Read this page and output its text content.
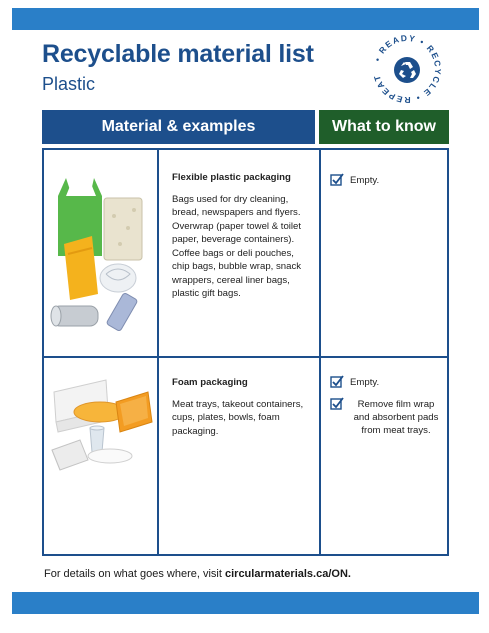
Recyclable material list
Plastic
• READY • RECYCLE • REPEAT
Material & examples	What to know
Flexible plastic packaging
Bags used for dry cleaning, bread, newspapers and flyers. Overwrap (paper towel & toilet paper, beverage containers). Coffee bags or deli pouches, chip bags, bubble wrap, snack wrappers, cereal liner bags, plastic gift bags.
Empty.
Foam packaging
Meat trays, takeout containers, cups, plates, bowls, foam packaging.
Empty.
Remove film wrap and absorbent pads from meat trays.
For details on what goes where, visit circularmaterials.ca/ON.
